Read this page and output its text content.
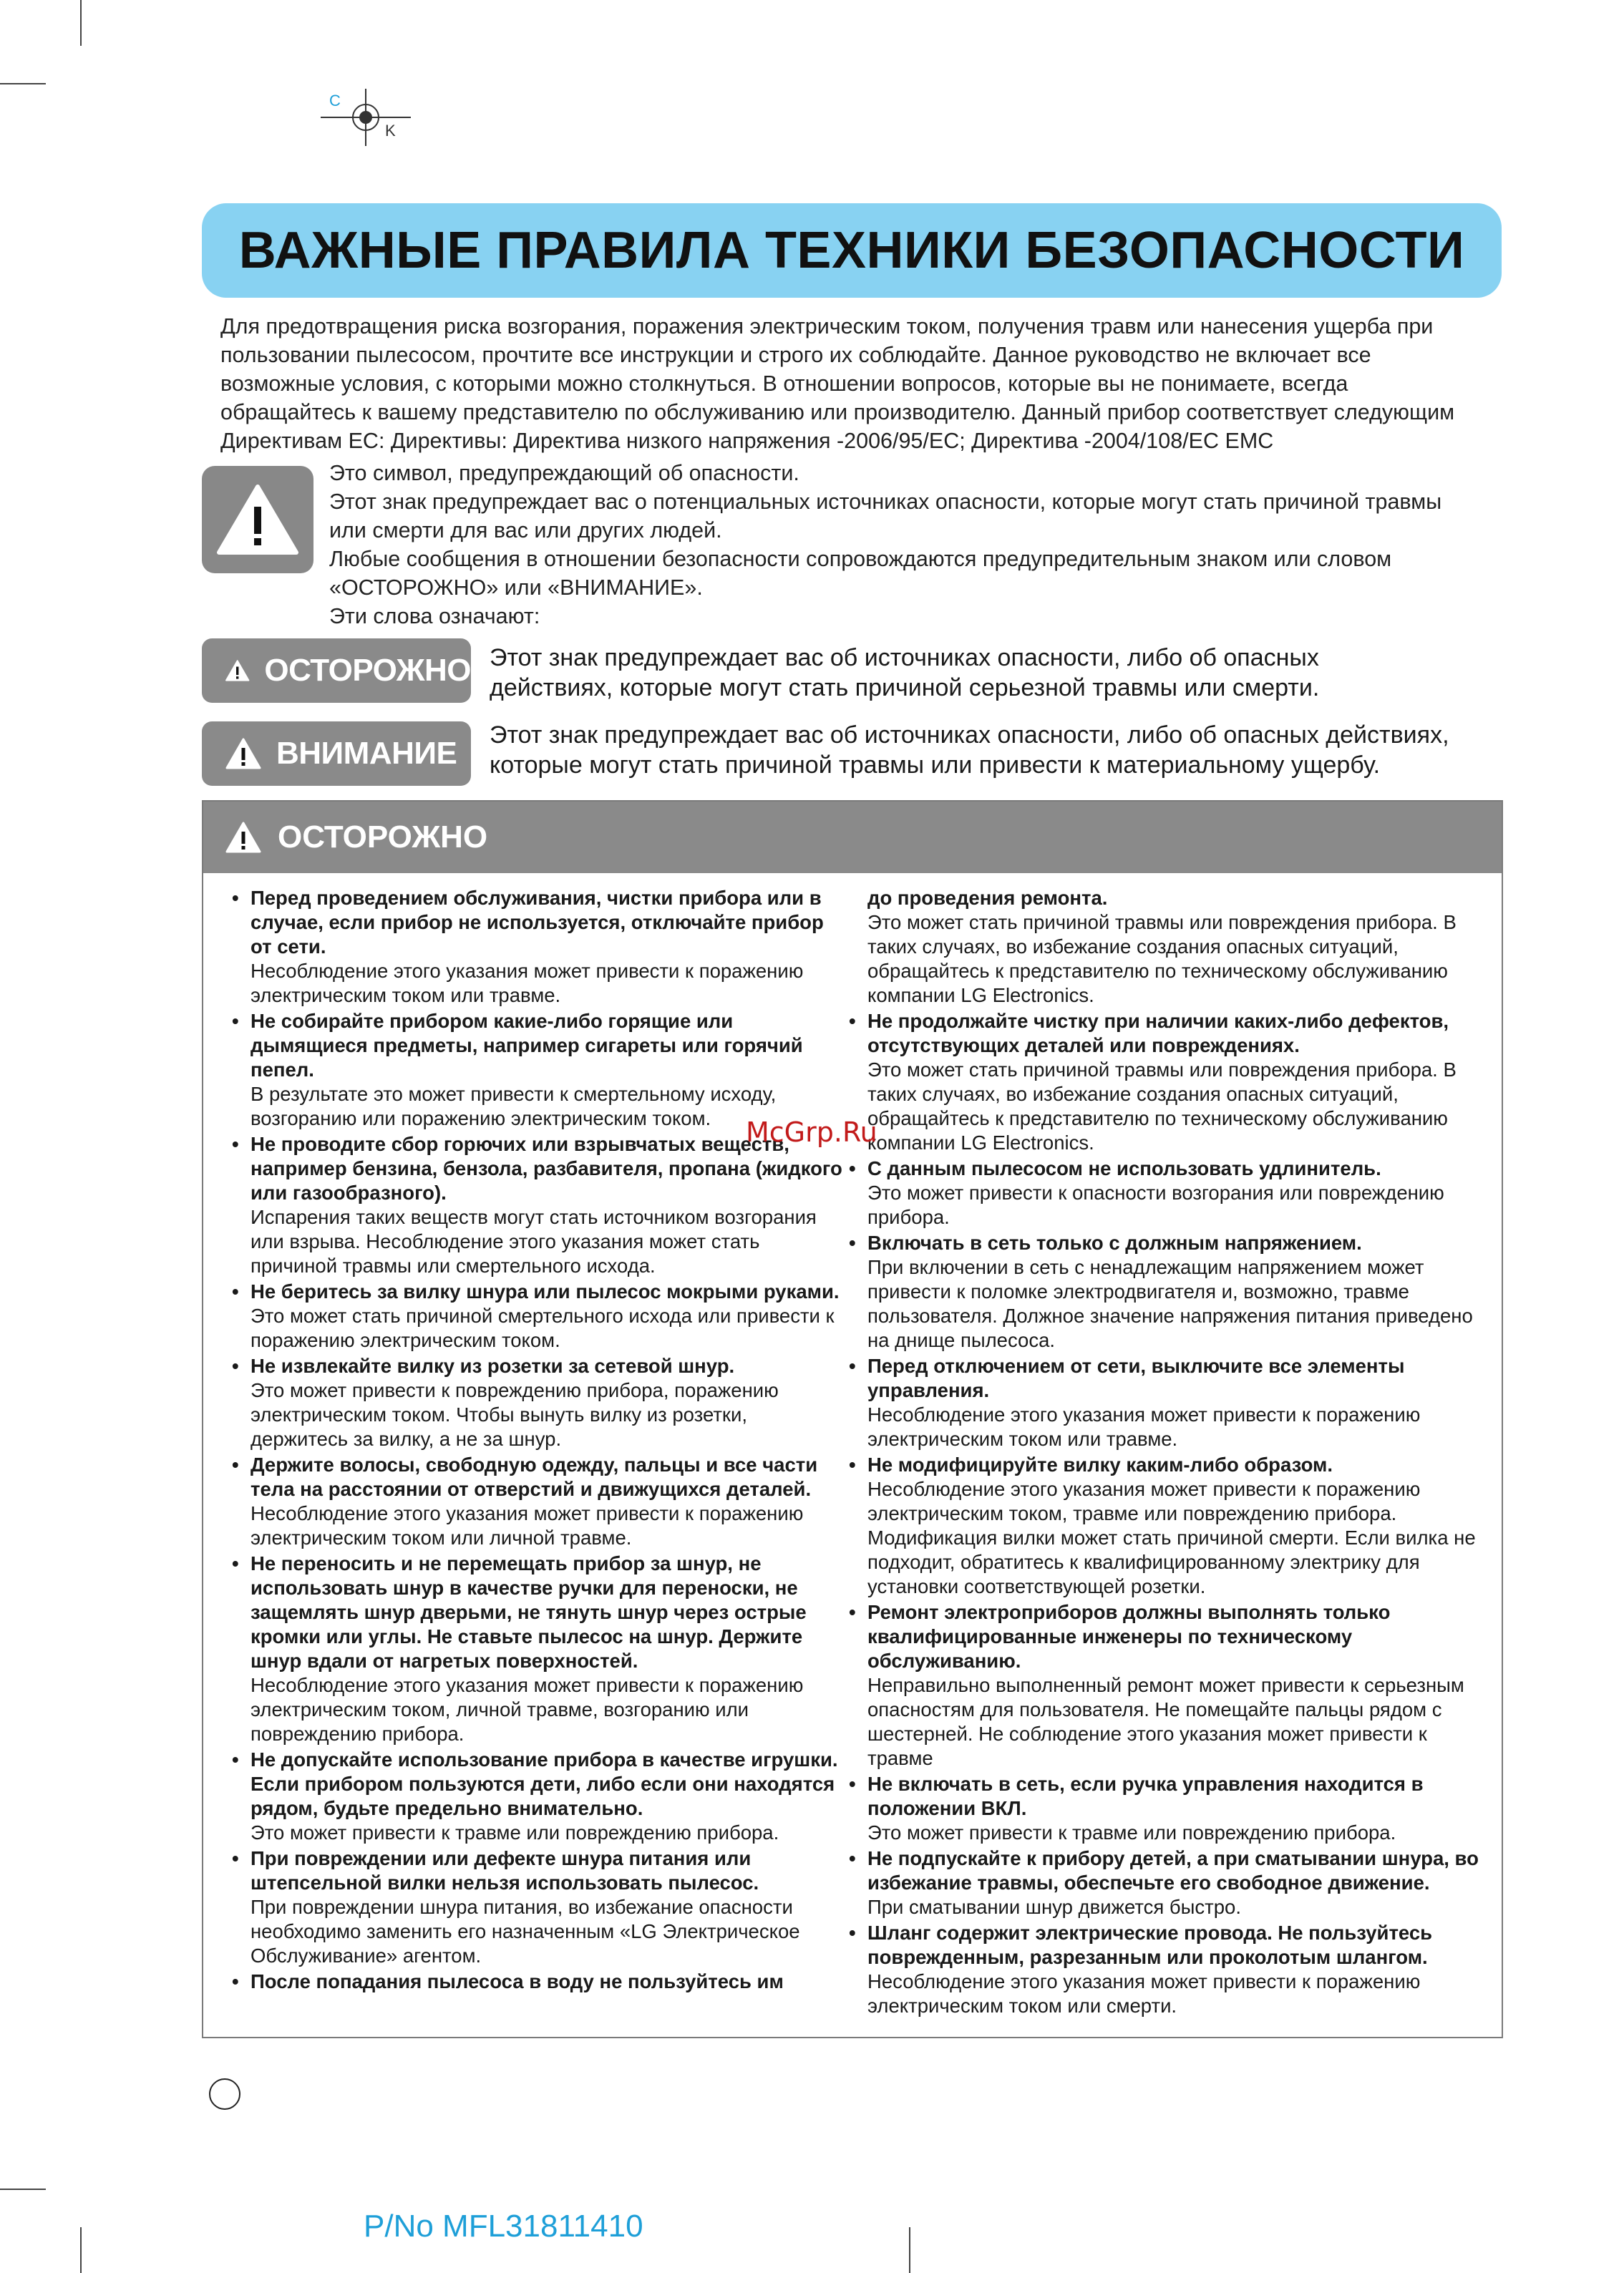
C
K
ВАЖНЫЕ ПРАВИЛА ТЕХНИКИ БЕЗОПАСНОСТИ
Для предотвращения риска возгорания, поражения электрическим током, получения травм или нанесения ущерба при
пользовании пылесосом, прочтите все инструкции и строго их соблюдайте. Данное руководство не включает все
возможные условия, с которыми можно столкнуться. В отношении вопросов, которые вы не понимаете, всегда
обращайтесь к вашему представителю по обслуживанию или производителю. Данный прибор соответствует следующим
Директивам ЕС: Директивы: Директива низкого напряжения -2006/95/ЕС; Директива -2004/108/ЕС EMC
Это символ, предупреждающий об опасности.
Этот знак предупреждает вас о потенциальных источниках опасности, которые могут стать причиной травмы
или смерти для вас или других людей.
Любые сообщения в отношении безопасности сопровождаются предупредительным знаком или словом
«ОСТОРОЖНО» или «ВНИМАНИЕ».
Эти слова означают:
ОСТОРОЖНО Этот знак предупреждает вас об источниках опасности, либо об опасных
действиях, которые могут стать причиной серьезной травмы или смерти.
ВНИМАНИЕ
Этот знак предупреждает вас об источниках опасности, либо об опасных действиях,
которые могут стать причиной травмы или привести к материальному ущербу.
ОСТОРОЖНО
• Перед проведением обслуживания, чистки прибора или в случае, если прибор не используется, отключайте прибор от сети.
Несоблюдение этого указания может привести к поражению электрическим током или травме.
• Не собирайте прибором какие-либо горящие или дымящиеся предметы, например сигареты или горячий пепел.
В результате это может привести к смертельному исходу, возгоранию или поражению электрическим током.
• Не проводите сбор горючих или взрывчатых веществ, например бензина, бензола, разбавителя, пропана (жидкого или газообразного).
Испарения таких веществ могут стать источником возгорания или взрыва. Несоблюдение этого указания может стать причиной травмы или смертельного исхода.
• Не беритесь за вилку шнура или пылесос мокрыми руками.
Это может стать причиной смертельного исхода или привести к поражению электрическим током.
• Не извлекайте вилку из розетки за сетевой шнур.
Это может привести к повреждению прибора, поражению электрическим током. Чтобы вынуть вилку из розетки, держитесь за вилку, а не за шнур.
• Держите волосы, свободную одежду, пальцы и все части тела на расстоянии от отверстий и движущихся деталей.
Несоблюдение этого указания может привести к поражению электрическим током или личной травме.
• Не переносить и не перемещать прибор за шнур, не использовать шнур в качестве ручки для переноски, не защемлять шнур дверьми, не тянуть шнур через острые кромки или углы. Не ставьте пылесос на шнур. Держите шнур вдали от нагретых поверхностей.
Несоблюдение этого указания может привести к поражению электрическим током, личной травме, возгоранию или повреждению прибора.
• Не допускайте использование прибора в качестве игрушки. Если прибором пользуются дети, либо если они находятся рядом, будьте предельно внимательно.
Это может привести к травме или повреждению прибора.
• При повреждении или дефекте шнура питания или штепсельной вилки нельзя использовать пылесос.
При повреждении шнура питания, во избежание опасности необходимо заменить его назначенным «LG Электрическое Обслуживание» агентом.
• После попадания пылесоса в воду не пользуйтесь им
до проведения ремонта.
Это может стать причиной травмы или повреждения прибора. В таких случаях, во избежание создания опасных ситуаций, обращайтесь к представителю по техническому обслуживанию компании LG Electronics.
• Не продолжайте чистку при наличии каких-либо дефектов, отсутствующих деталей или повреждениях.
Это может стать причиной травмы или повреждения прибора. В таких случаях, во избежание создания опасных ситуаций, обращайтесь к представителю по техническому обслуживанию компании LG Electronics.
• С данным пылесосом не использовать удлинитель.
Это может привести к опасности возгорания или повреждению прибора.
• Включать в сеть только с должным напряжением.
При включении в сеть с ненадлежащим напряжением может привести к поломке электродвигателя и, возможно, травме пользователя. Должное значение напряжения питания приведено на днище пылесоса.
• Перед отключением от сети, выключите все элементы управления.
Несоблюдение этого указания может привести к поражению электрическим током или травме.
• Не модифицируйте вилку каким-либо образом.
Несоблюдение этого указания может привести к поражению электрическим током, травме или повреждению прибора. Модификация вилки может стать причиной смерти. Если вилка не подходит, обратитесь к квалифицированному электрику для установки соответствующей розетки.
• Ремонт электроприборов должны выполнять только квалифицированные инженеры по техническому обслуживанию.
Неправильно выполненный ремонт может привести к серьезным опасностям для пользователя. Не помещайте пальцы рядом с шестерней. Не соблюдение этого указания может привести к травме
• Не включать в сеть, если ручка управления находится в положении ВКЛ.
Это может привести к травме или повреждению прибора.
• Не подпускайте к прибору детей, а при сматывании шнура, во избежание травмы, обеспечьте его свободное движение.
При сматывании шнур движется быстро.
• Шланг содержит электрические провода. Не пользуйтесь поврежденным, разрезанным или проколотым шлангом.
Несоблюдение этого указания может привести к поражению электрическим током или смерти.
McGrp.Ru
P/No MFL31811410
